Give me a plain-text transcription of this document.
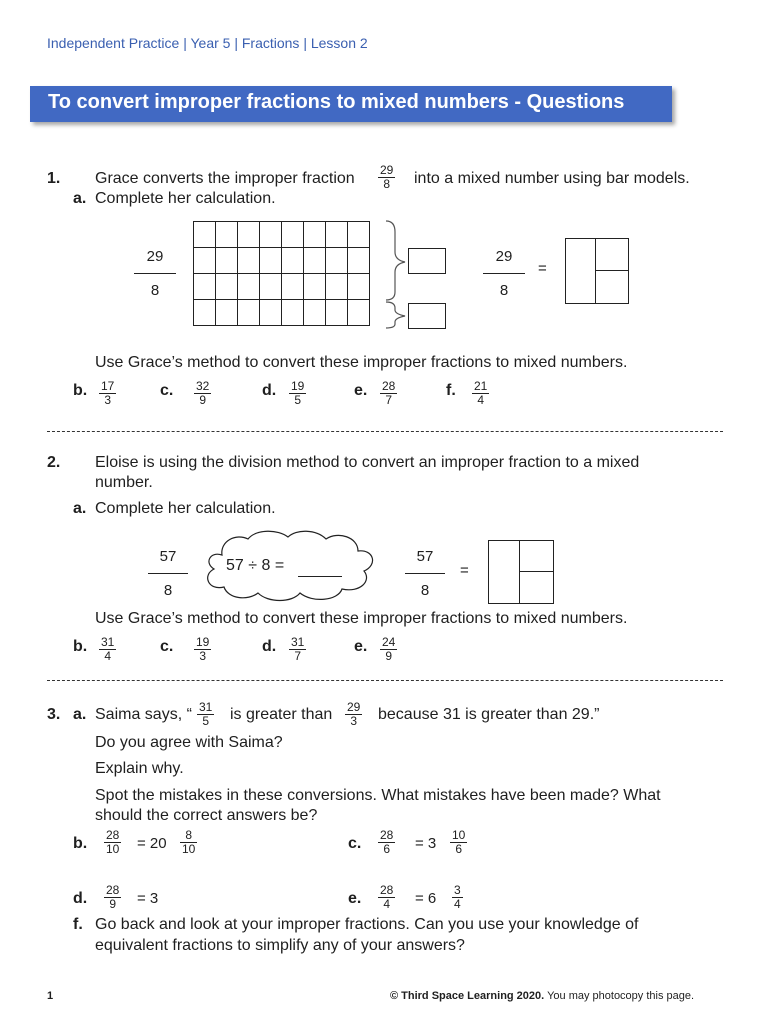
Independent Practice | Year 5 | Fractions | Lesson 2
To convert improper fractions to mixed numbers - Questions
1. Grace converts the improper fraction $\frac{29}{8}$ into a mixed number using bar models.
a. Complete her calculation.
$\frac{29}{8}$

								$\frac{29}{8}$ =
Use Grace’s method to convert these improper fractions to mixed numbers.
b. $\frac{17}{3}$	c. $\frac{32}{9}$	d. $\frac{19}{5}$	e. $\frac{28}{7}$	f. $\frac{21}{4}$
2. Eloise is using the division method to convert an improper fraction to a mixed
number.
a. Complete her calculation.
$\frac{57}{8} 57 \div 8$ =	$\frac{57}{8}$ =
Use Grace’s method to convert these improper fractions to mixed numbers.
b. $\frac{31}{4}$	c. $\frac{19}{3}$	d. $\frac{31}{7}$	e. $\frac{24}{9}$
3. a. Saima says, “ $\frac{31}{5}$ is greater than $\frac{29}{3}$ because 31 is greater than 29.”
Do you agree with Saima?
Explain why.
Spot the mistakes in these conversions. What mistakes have been made? What
should the correct answers be?
b. $\frac{28}{10} = 20 \frac{8}{10}$	c. $\frac{28}{6} = 3 \frac{10}{6}$
d. $\frac{28}{9} = 3$	e. $\frac{28}{4} = 6 \frac{3}{4}$
f. Go back and look at your improper fractions. Can you use your knowledge of
equivalent fractions to simplify any of your answers?
1	© Third Space Learning 2020. You may photocopy this page.
